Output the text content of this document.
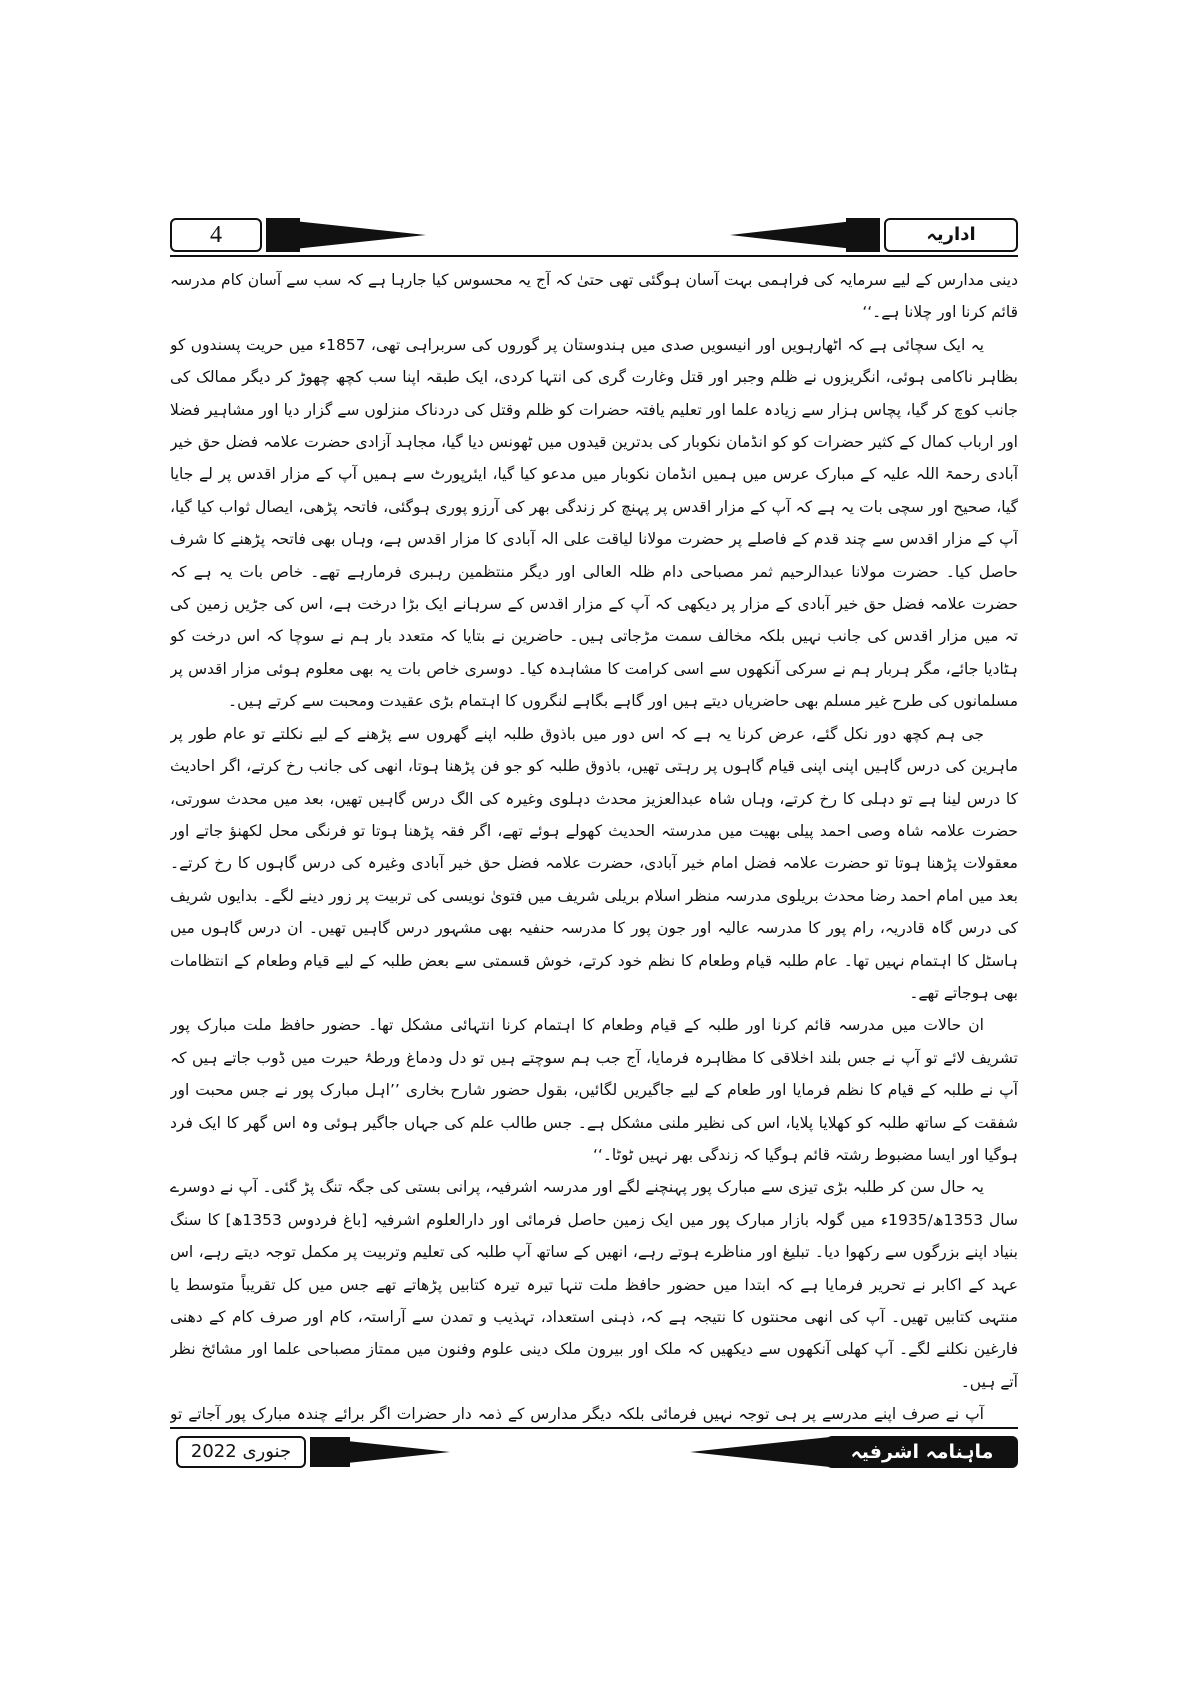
4	اداریہ

دینی مدارس کے لیے سرمایہ کی فراہمی بہت آسان ہوگئی تھی حتیٰ کہ آج یہ محسوس کیا جارہا ہے کہ سب سے آسان کام مدرسہ قائم کرنا اور چلانا ہے۔‘‘

یہ ایک سچائی ہے کہ اٹھارہویں اور انیسویں صدی میں ہندوستان پر گوروں کی سربراہی تھی، 1857ء میں حریت پسندوں کو بظاہر ناکامی ہوئی، انگریزوں نے ظلم وجبر اور قتل وغارت گری کی انتہا کردی، ایک طبقہ اپنا سب کچھ چھوڑ کر دیگر ممالک کی جانب کوچ کر گیا، پچاس ہزار سے زیادہ علما اور تعلیم یافتہ حضرات کو ظلم وقتل کی دردناک منزلوں سے گزار دیا اور مشاہیر فضلا اور ارباب کمال کے کثیر حضرات کو کو انڈمان نکوبار کی بدترین قیدوں میں ٹھونس دیا گیا، مجاہد آزادی حضرت علامہ فضل حق خیر آبادی رحمۃ اللہ علیہ کے مبارک عرس میں ہمیں انڈمان نکوبار میں مدعو کیا گیا، ایئرپورٹ سے ہمیں آپ کے مزار اقدس پر لے جایا گیا، صحیح اور سچی بات یہ ہے کہ آپ کے مزار اقدس پر پہنچ کر زندگی بھر کی آرزو پوری ہوگئی، فاتحہ پڑھی، ایصال ثواب کیا گیا، آپ کے مزار اقدس سے چند قدم کے فاصلے پر حضرت مولانا لیاقت علی الہ آبادی کا مزار اقدس ہے، وہاں بھی فاتحہ پڑھنے کا شرف حاصل کیا۔ حضرت مولانا عبدالرحیم ثمر مصباحی دام ظلہ العالی اور دیگر منتظمین رہبری فرمارہے تھے۔ خاص بات یہ ہے کہ حضرت علامہ فضل حق خیر آبادی کے مزار پر دیکھی کہ آپ کے مزار اقدس کے سرہانے ایک بڑا درخت ہے، اس کی جڑیں زمین کی تہ میں مزار اقدس کی جانب نہیں بلکہ مخالف سمت مڑجاتی ہیں۔ حاضرین نے بتایا کہ متعدد بار ہم نے سوچا کہ اس درخت کو ہٹادیا جائے، مگر ہربار ہم نے سرکی آنکھوں سے اسی کرامت کا مشاہدہ کیا۔ دوسری خاص بات یہ بھی معلوم ہوئی مزار اقدس پر مسلمانوں کی طرح غیر مسلم بھی حاضریاں دیتے ہیں اور گاہے بگاہے لنگروں کا اہتمام بڑی عقیدت ومحبت سے کرتے ہیں۔

جی ہم کچھ دور نکل گئے، عرض کرنا یہ ہے کہ اس دور میں باذوق طلبہ اپنے گھروں سے پڑھنے کے لیے نکلتے تو عام طور پر ماہرین کی درس گاہیں اپنی اپنی قیام گاہوں پر رہتی تھیں، باذوق طلبہ کو جو فن پڑھنا ہوتا، انھی کی جانب رخ کرتے، اگر احادیث کا درس لینا ہے تو دہلی کا رخ کرتے، وہاں شاہ عبدالعزیز محدث دہلوی وغیرہ کی الگ درس گاہیں تھیں، بعد میں محدث سورتی، حضرت علامہ شاہ وصی احمد پیلی بھیت میں مدرستہ الحدیث کھولے ہوئے تھے، اگر فقہ پڑھنا ہوتا تو فرنگی محل لکھنؤ جاتے اور معقولات پڑھنا ہوتا تو حضرت علامہ فضل امام خیر آبادی، حضرت علامہ فضل حق خیر آبادی وغیرہ کی درس گاہوں کا رخ کرتے۔ بعد میں امام احمد رضا محدث بریلوی مدرسہ منظر اسلام بریلی شریف میں فتویٰ نویسی کی تربیت پر زور دینے لگے۔ بدایوں شریف کی درس گاہ قادریہ، رام پور کا مدرسہ عالیہ اور جون پور کا مدرسہ حنفیہ بھی مشہور درس گاہیں تھیں۔ ان درس گاہوں میں ہاسٹل کا اہتمام نہیں تھا۔ عام طلبہ قیام وطعام کا نظم خود کرتے، خوش قسمتی سے بعض طلبہ کے لیے قیام وطعام کے انتظامات بھی ہوجاتے تھے۔

ان حالات میں مدرسہ قائم کرنا اور طلبہ کے قیام وطعام کا اہتمام کرنا انتہائی مشکل تھا۔ حضور حافظ ملت مبارک پور تشریف لائے تو آپ نے جس بلند اخلاقی کا مظاہرہ فرمایا، آج جب ہم سوچتے ہیں تو دل ودماغ ورطۂ حیرت میں ڈوب جاتے ہیں کہ آپ نے طلبہ کے قیام کا نظم فرمایا اور طعام کے لیے جاگیریں لگائیں، بقول حضور شارح بخاری ’’اہل مبارک پور نے جس محبت اور شفقت کے ساتھ طلبہ کو کھلایا پلایا، اس کی نظیر ملنی مشکل ہے۔ جس طالب علم کی جہاں جاگیر ہوئی وہ اس گھر کا ایک فرد ہوگیا اور ایسا مضبوط رشتہ قائم ہوگیا کہ زندگی بھر نہیں ٹوٹا۔‘‘

یہ حال سن کر طلبہ بڑی تیزی سے مبارک پور پہنچنے لگے اور مدرسہ اشرفیہ، پرانی بستی کی جگہ تنگ پڑ گئی۔ آپ نے دوسرے سال 1353ھ/1935ء میں گولہ بازار مبارک پور میں ایک زمین حاصل فرمائی اور دارالعلوم اشرفیہ [باغ فردوس 1353ھ] کا سنگ بنیاد اپنے بزرگوں سے رکھوا دیا۔ تبلیغ اور مناظرے ہوتے رہے، انھیں کے ساتھ آپ طلبہ کی تعلیم وتربیت پر مکمل توجہ دیتے رہے، اس عہد کے اکابر نے تحریر فرمایا ہے کہ ابتدا میں حضور حافظ ملت تنہا تیرہ تیرہ کتابیں پڑھاتے تھے جس میں کل تقریباً متوسط یا منتہی کتابیں تھیں۔ آپ کی انھی محنتوں کا نتیجہ ہے کہ، ذہنی استعداد، تہذیب و تمدن سے آراستہ، کام اور صرف کام کے دھنی فارغین نکلنے لگے۔ آپ کھلی آنکھوں سے دیکھیں کہ ملک اور بیرون ملک دینی علوم وفنون میں ممتاز مصباحی علما اور مشائخ نظر آتے ہیں۔

آپ نے صرف اپنے مدرسے پر ہی توجہ نہیں فرمائی بلکہ دیگر مدارس کے ذمہ دار حضرات اگر برائے چندہ مبارک پور آجاتے تو

جنوری 2022	ماہنامہ اشرفیہ
